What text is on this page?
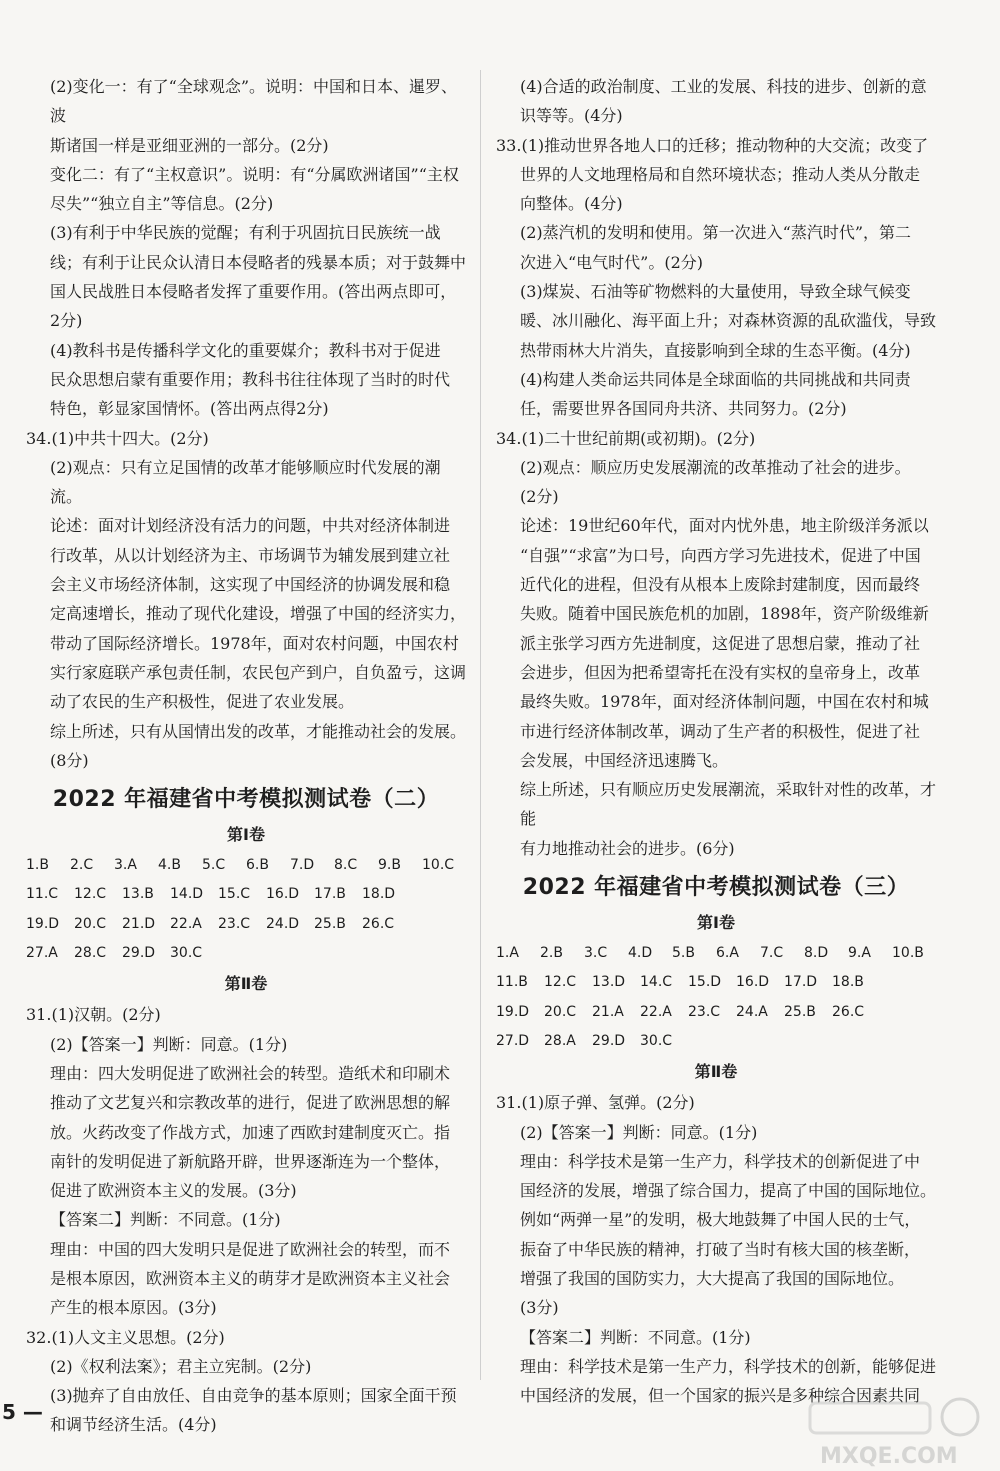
(2)变化一：有了“全球观念”。说明：中国和日本、暹罗、波
斯诸国一样是亚细亚洲的一部分。(2分)
变化二：有了“主权意识”。说明：有“分属欧洲诸国”“主权
尽失”“独立自主”等信息。(2分)
(3)有利于中华民族的觉醒；有利于巩固抗日民族统一战
线；有利于让民众认清日本侵略者的残暴本质；对于鼓舞中
国人民战胜日本侵略者发挥了重要作用。(答出两点即可，
2分)
(4)教科书是传播科学文化的重要媒介；教科书对于促进
民众思想启蒙有重要作用；教科书往往体现了当时的时代
特色，彰显家国情怀。(答出两点得2分)
34.(1)中共十四大。(2分)
(2)观点：只有立足国情的改革才能够顺应时代发展的潮流。
论述：面对计划经济没有活力的问题，中共对经济体制进
行改革，从以计划经济为主、市场调节为辅发展到建立社
会主义市场经济体制，这实现了中国经济的协调发展和稳
定高速增长，推动了现代化建设，增强了中国的经济实力，
带动了国际经济增长。1978年，面对农村问题，中国农村
实行家庭联产承包责任制，农民包产到户，自负盈亏，这调
动了农民的生产积极性，促进了农业发展。
综上所述，只有从国情出发的改革，才能推动社会的发展。
(8分)
2022 年福建省中考模拟测试卷（二）
第Ⅰ卷
1.B	2.C	3.A	4.B	5.C	6.B	7.D	8.C	9.B	10.C
11.C	12.C	13.B	14.D	15.C	16.D	17.B	18.D
19.D	20.C	21.D	22.A	23.C	24.D	25.B	26.C
27.A	28.C	29.D	30.C
第Ⅱ卷
31.(1)汉朝。(2分)
(2)【答案一】判断：同意。(1分)
理由：四大发明促进了欧洲社会的转型。造纸术和印刷术
推动了文艺复兴和宗教改革的进行，促进了欧洲思想的解
放。火药改变了作战方式，加速了西欧封建制度灭亡。指
南针的发明促进了新航路开辟，世界逐渐连为一个整体，
促进了欧洲资本主义的发展。(3分)
【答案二】判断：不同意。(1分)
理由：中国的四大发明只是促进了欧洲社会的转型，而不
是根本原因，欧洲资本主义的萌芽才是欧洲资本主义社会
产生的根本原因。(3分)
32.(1)人文主义思想。(2分)
(2)《权利法案》；君主立宪制。(2分)
(3)抛弃了自由放任、自由竞争的基本原则；国家全面干预
和调节经济生活。(4分)
(4)合适的政治制度、工业的发展、科技的进步、创新的意
识等等。(4分)
33.(1)推动世界各地人口的迁移；推动物种的大交流；改变了
世界的人文地理格局和自然环境状态；推动人类从分散走
向整体。(4分)
(2)蒸汽机的发明和使用。第一次进入“蒸汽时代”，第二
次进入“电气时代”。(2分)
(3)煤炭、石油等矿物燃料的大量使用，导致全球气候变
暖、冰川融化、海平面上升；对森林资源的乱砍滥伐，导致
热带雨林大片消失，直接影响到全球的生态平衡。(4分)
(4)构建人类命运共同体是全球面临的共同挑战和共同责
任，需要世界各国同舟共济、共同努力。(2分)
34.(1)二十世纪前期(或初期)。(2分)
(2)观点：顺应历史发展潮流的改革推动了社会的进步。
(2分)
论述：19世纪60年代，面对内忧外患，地主阶级洋务派以
“自强”“求富”为口号，向西方学习先进技术，促进了中国
近代化的进程，但没有从根本上废除封建制度，因而最终
失败。随着中国民族危机的加剧，1898年，资产阶级维新
派主张学习西方先进制度，这促进了思想启蒙，推动了社
会进步，但因为把希望寄托在没有实权的皇帝身上，改革
最终失败。1978年，面对经济体制问题，中国在农村和城
市进行经济体制改革，调动了生产者的积极性，促进了社
会发展，中国经济迅速腾飞。
综上所述，只有顺应历史发展潮流，采取针对性的改革，才能
有力地推动社会的进步。(6分)
2022 年福建省中考模拟测试卷（三）
第Ⅰ卷
1.A	2.B	3.C	4.D	5.B	6.A	7.C	8.D	9.A	10.B
11.B	12.C	13.D	14.C	15.D	16.D	17.D	18.B
19.D	20.C	21.A	22.A	23.C	24.A	25.B	26.C
27.D	28.A	29.D	30.C
第Ⅱ卷
31.(1)原子弹、氢弹。(2分)
(2)【答案一】判断：同意。(1分)
理由：科学技术是第一生产力，科学技术的创新促进了中
国经济的发展，增强了综合国力，提高了中国的国际地位。
例如“两弹一星”的发明，极大地鼓舞了中国人民的士气，
振奋了中华民族的精神，打破了当时有核大国的核垄断，
增强了我国的国防实力，大大提高了我国的国际地位。
(3分)
【答案二】判断：不同意。(1分)
理由：科学技术是第一生产力，科学技术的创新，能够促进
中国经济的发展，但一个国家的振兴是多种综合因素共同
5 —
MXQE.COM
